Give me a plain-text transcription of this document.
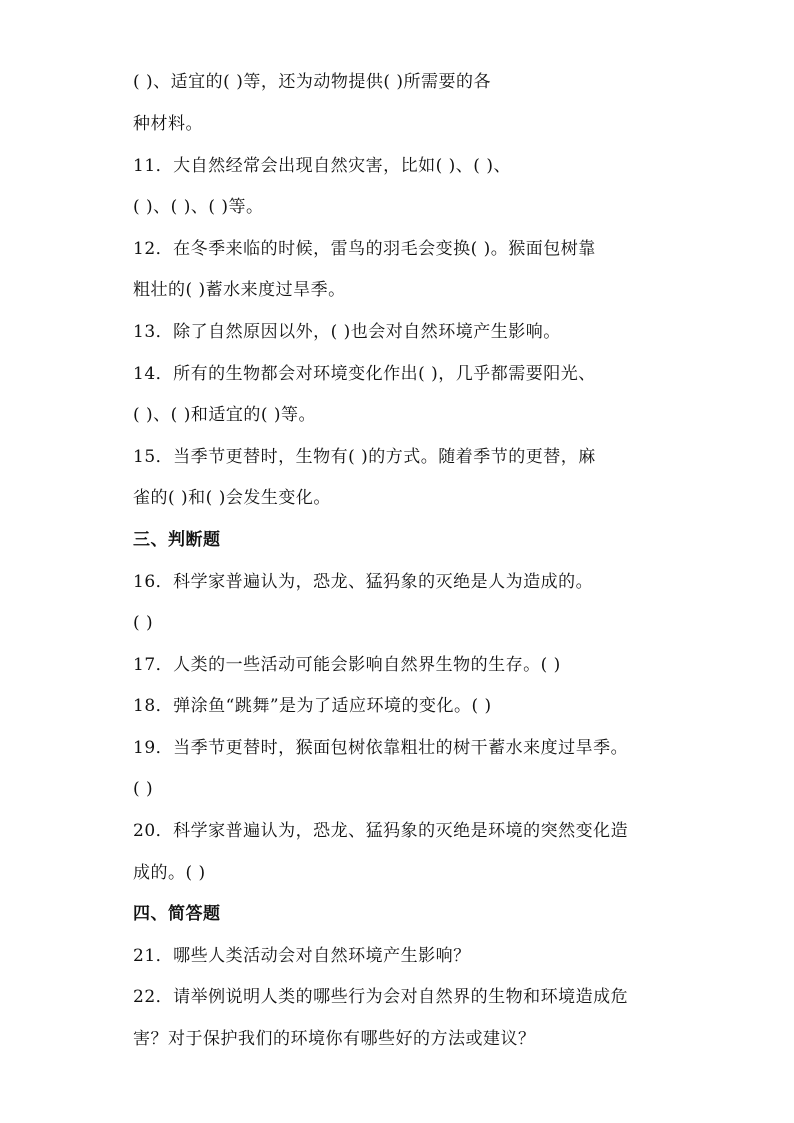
( )、适宜的( )等，还为动物提供( )所需要的各
种材料。
11．大自然经常会出现自然灾害，比如( )、( )、
( )、( )、( )等。
12．在冬季来临的时候，雷鸟的羽毛会变换( )。猴面包树靠
粗壮的( )蓄水来度过旱季。
13．除了自然原因以外，( )也会对自然环境产生影响。
14．所有的生物都会对环境变化作出( )，几乎都需要阳光、
( )、( )和适宜的( )等。
15．当季节更替时，生物有( )的方式。随着季节的更替，麻
雀的( )和( )会发生变化。
三、判断题
16．科学家普遍认为，恐龙、猛犸象的灭绝是人为造成的。
( )
17．人类的一些活动可能会影响自然界生物的生存。( )
18．弹涂鱼“跳舞”是为了适应环境的变化。( )
19．当季节更替时，猴面包树依靠粗壮的树干蓄水来度过旱季。
( )
20．科学家普遍认为，恐龙、猛犸象的灭绝是环境的突然变化造
成的。( )
四、简答题
21．哪些人类活动会对自然环境产生影响？
22．请举例说明人类的哪些行为会对自然界的生物和环境造成危
害？对于保护我们的环境你有哪些好的方法或建议？
